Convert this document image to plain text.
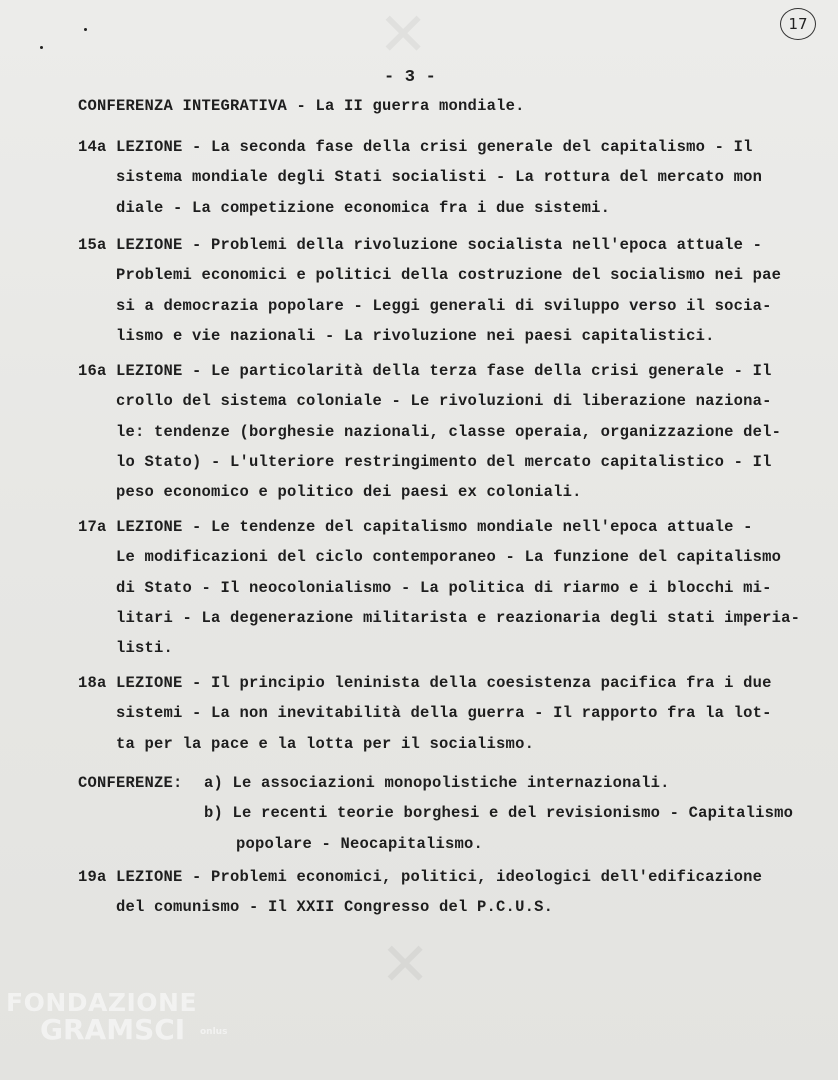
✕
✕
17
- 3 -
CONFERENZA INTEGRATIVA - La II guerra mondiale.
14a LEZIONE - La seconda fase della crisi generale del capitalismo - Il
sistema mondiale degli Stati socialisti - La rottura del mercato mon
diale - La competizione economica fra i due sistemi.
15a LEZIONE - Problemi della rivoluzione socialista nell'epoca attuale -
Problemi economici e politici della costruzione del socialismo nei pae
si a democrazia popolare - Leggi generali di sviluppo verso il socia-
lismo e vie nazionali - La rivoluzione nei paesi capitalistici.
16a LEZIONE - Le particolarità della terza fase della crisi generale - Il
crollo del sistema coloniale - Le rivoluzioni di liberazione naziona-
le: tendenze (borghesie nazionali, classe operaia, organizzazione del-
lo Stato) - L'ulteriore restringimento del mercato capitalistico - Il
peso economico e politico dei paesi ex coloniali.
17a LEZIONE - Le tendenze del capitalismo mondiale nell'epoca attuale -
Le modificazioni del ciclo contemporaneo - La funzione del capitalismo
di Stato - Il neocolonialismo - La politica di riarmo e i blocchi mi-
litari - La degenerazione militarista e reazionaria degli stati imperia-
listi.
18a LEZIONE - Il principio leninista della coesistenza pacifica fra i due
sistemi - La non inevitabilità della guerra - Il rapporto fra la lot-
ta per la pace e la lotta per il socialismo.
CONFERENZE: a) Le associazioni monopolistiche internazionali.
b) Le recenti teorie borghesi e del revisionismo - Capitalismo
popolare - Neocapitalismo.
19a LEZIONE - Problemi economici, politici, ideologici dell'edificazione
del comunismo - Il XXII Congresso del P.C.U.S.
FONDAZIONE
GRAMSCI onlus
